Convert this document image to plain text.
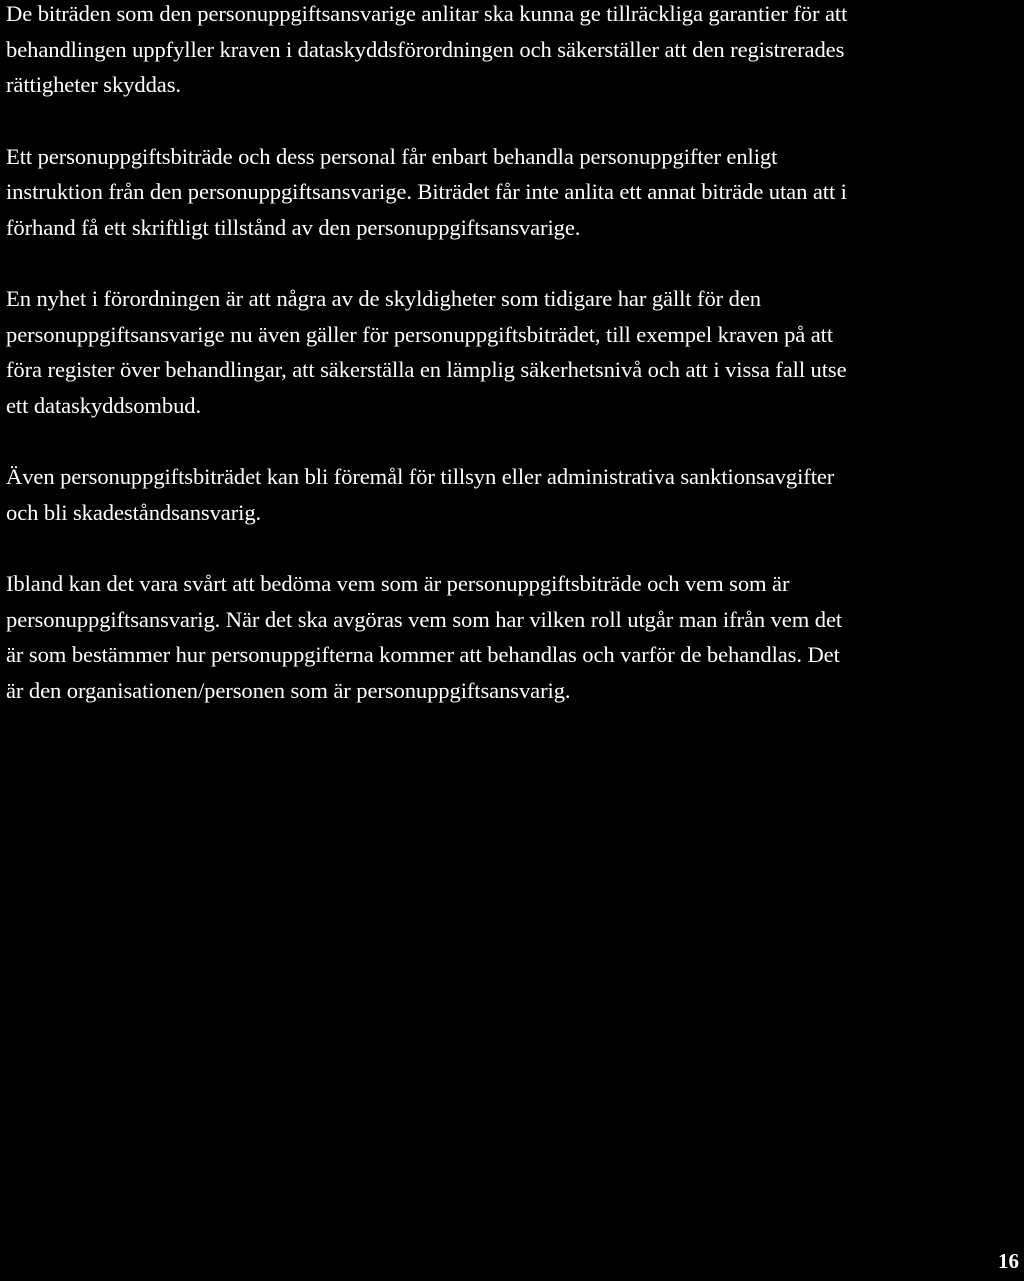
De biträden som den personuppgiftsansvarige anlitar ska kunna ge tillräckliga garantier för att
behandlingen uppfyller kraven i dataskyddsförordningen och säkerställer att den registrerades
rättigheter skyddas.

Ett personuppgiftsbiträde och dess personal får enbart behandla personuppgifter enligt
instruktion från den personuppgiftsansvarige. Biträdet får inte anlita ett annat biträde utan att i
förhand få ett skriftligt tillstånd av den personuppgiftsansvarige.

En nyhet i förordningen är att några av de skyldigheter som tidigare har gällt för den
personuppgiftsansvarige nu även gäller för personuppgiftsbiträdet, till exempel kraven på att
föra register över behandlingar, att säkerställa en lämplig säkerhetsnivå och att i vissa fall utse
ett dataskyddsombud.

Även personuppgiftsbiträdet kan bli föremål för tillsyn eller administrativa sanktionsavgifter
och bli skadeståndsansvarig.

Ibland kan det vara svårt att bedöma vem som är personuppgiftsbiträde och vem som är
personuppgiftsansvarig. När det ska avgöras vem som har vilken roll utgår man ifrån vem det
är som bestämmer hur personuppgifterna kommer att behandlas och varför de behandlas. Det
är den organisationen/personen som är personuppgiftsansvarig.

16
